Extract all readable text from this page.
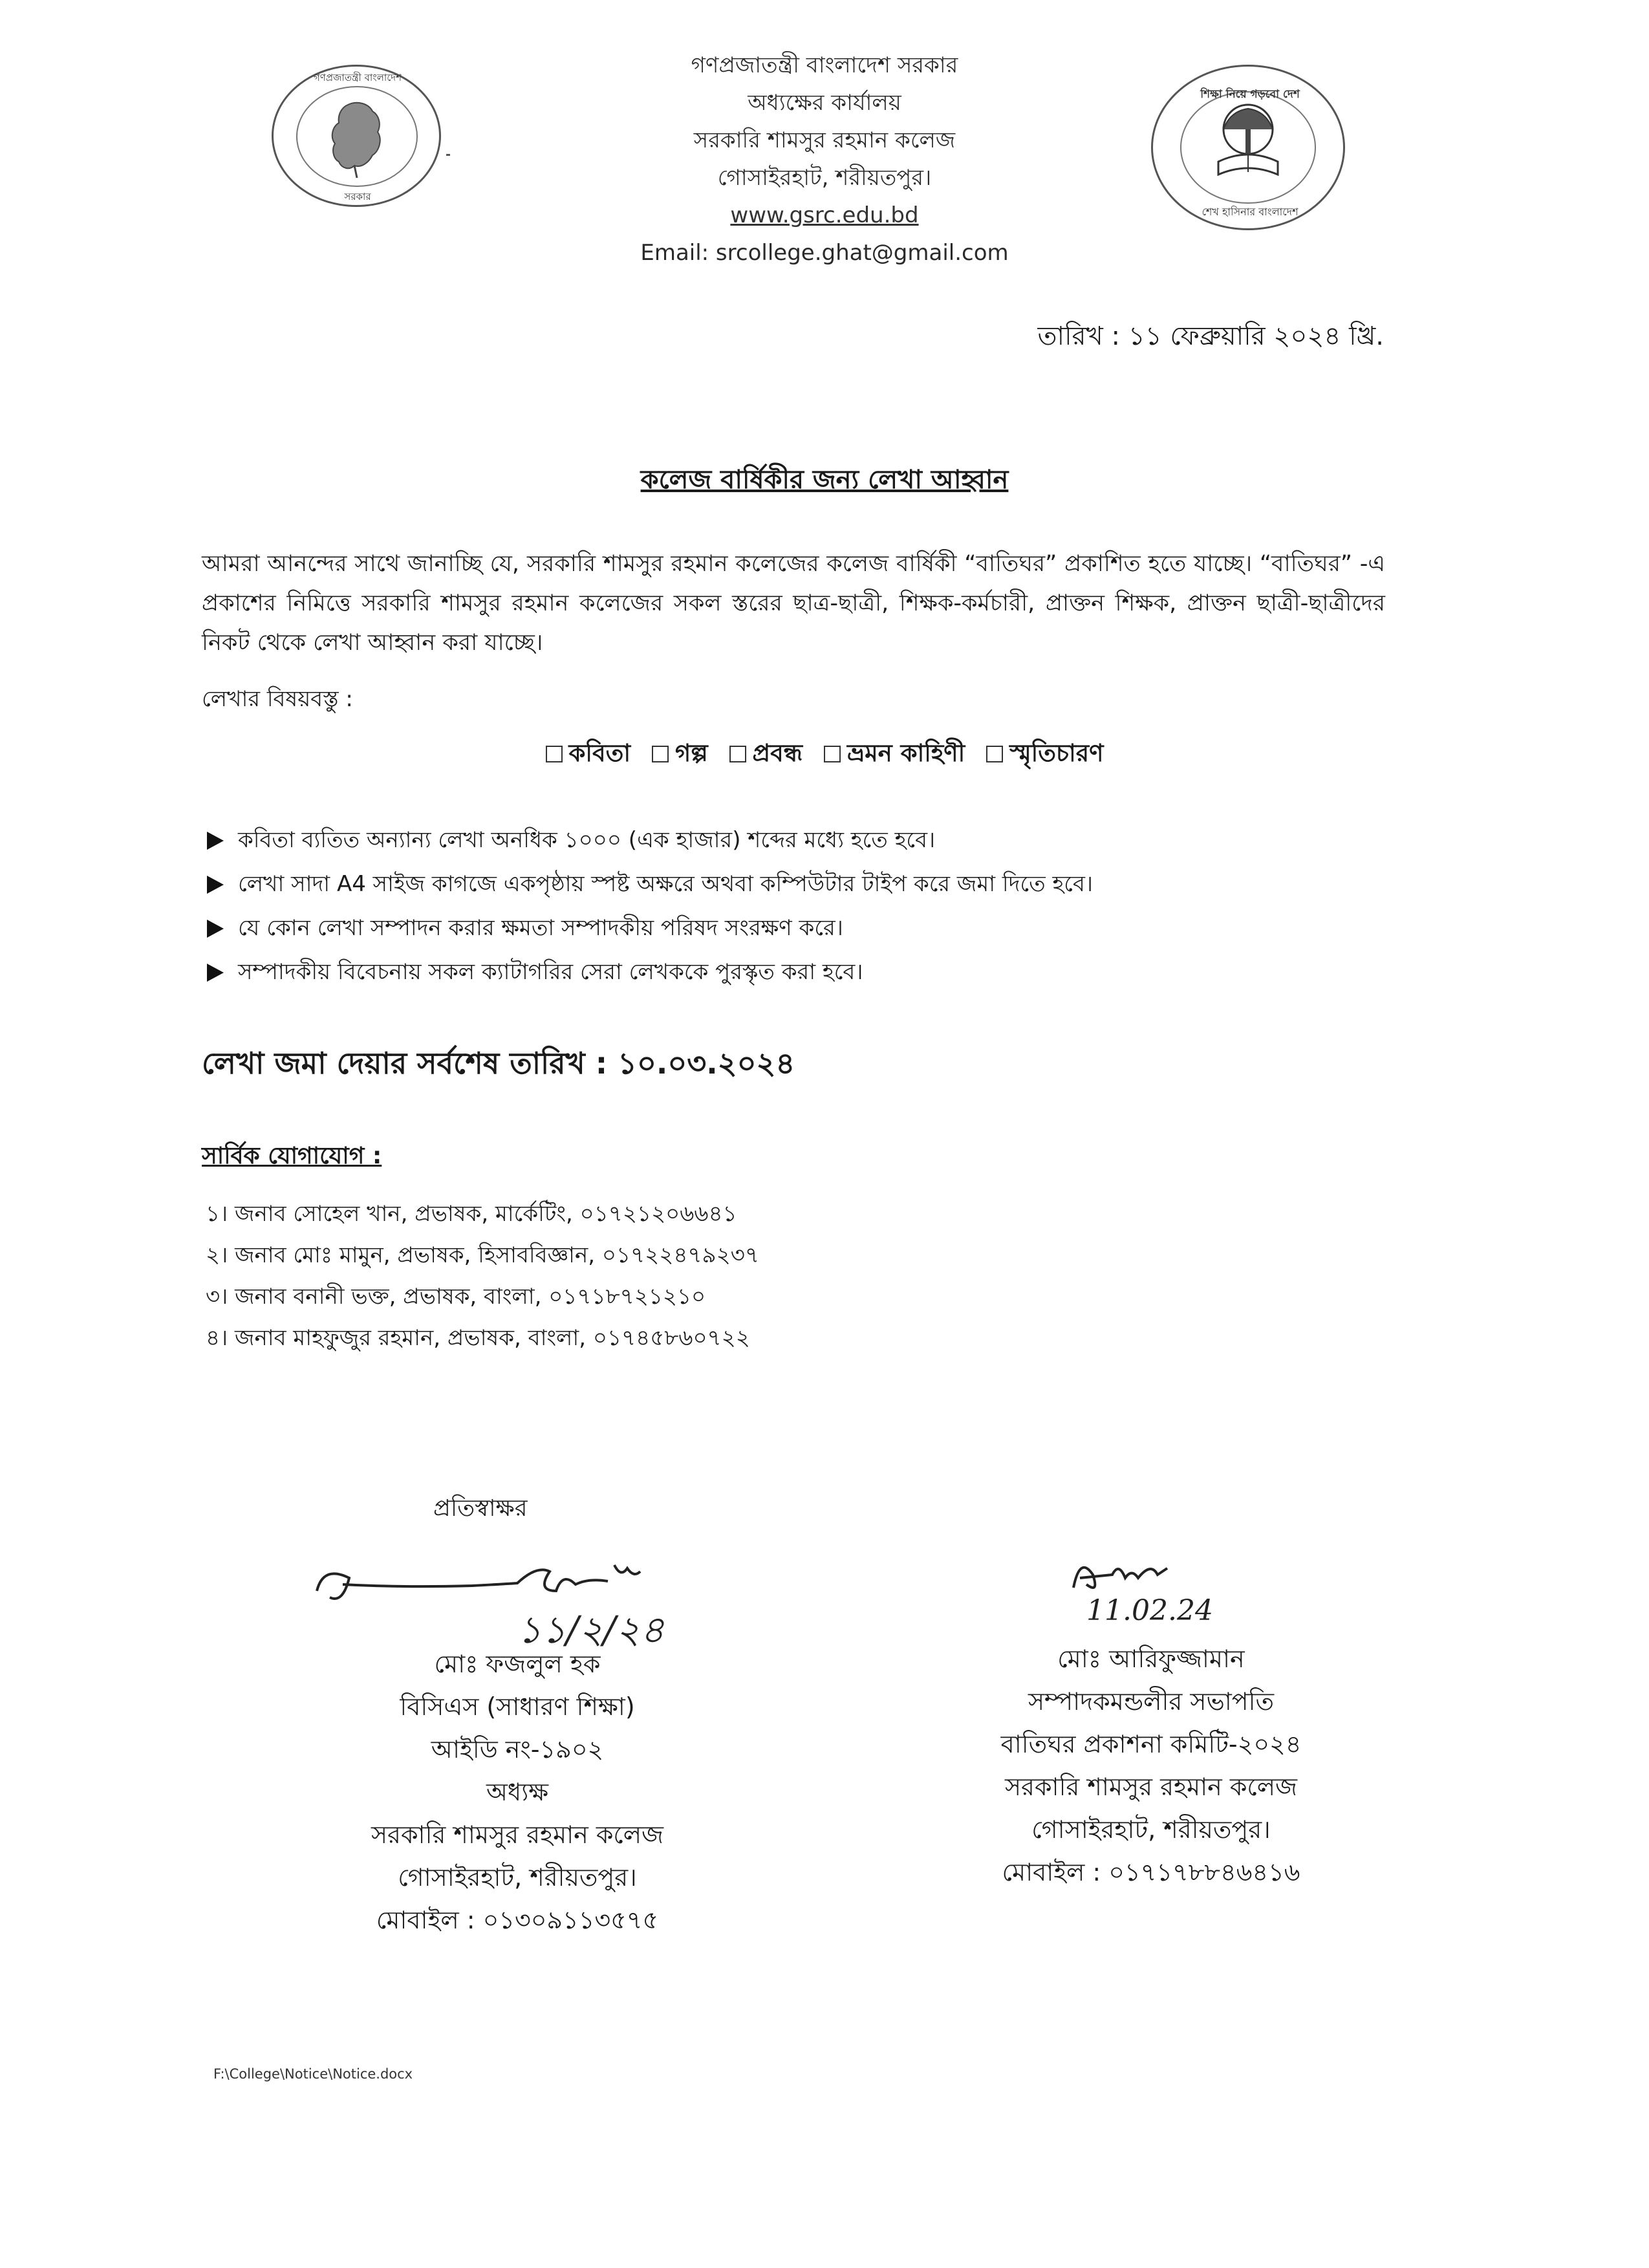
গণপ্রজাতন্ত্রী বাংলাদেশ
সরকার
গণপ্রজাতন্ত্রী বাংলাদেশ সরকার
অধ্যক্ষের কার্যালয়
সরকারি শামসুর রহমান কলেজ
গোসাইরহাট, শরীয়তপুর।
www.gsrc.edu.bd
Email: srcollege.ghat@gmail.com
শিক্ষা নিয়ে গড়বো দেশ
শেখ হাসিনার বাংলাদেশ
তারিখ : ১১ ফেব্রুয়ারি ২০২৪ খ্রি.
কলেজ বার্ষিকীর জন্য লেখা আহ্বান
আমরা আনন্দের সাথে জানাচ্ছি যে, সরকারি শামসুর রহমান কলেজের কলেজ বার্ষিকী “বাতিঘর” প্রকাশিত হতে যাচ্ছে। “বাতিঘর” -এ প্রকাশের নিমিত্তে সরকারি শামসুর রহমান কলেজের সকল স্তরের ছাত্র-ছাত্রী, শিক্ষক-কর্মচারী, প্রাক্তন শিক্ষক, প্রাক্তন ছাত্রী-ছাত্রীদের নিকট থেকে লেখা আহ্বান করা যাচ্ছে।
লেখার বিষয়বস্তু :
কবিতা গল্প প্রবন্ধ ভ্রমন কাহিণী স্মৃতিচারণ
কবিতা ব্যতিত অন্যান্য লেখা অনধিক ১০০০ (এক হাজার) শব্দের মধ্যে হতে হবে।
লেখা সাদা A4 সাইজ কাগজে একপৃষ্ঠায় স্পষ্ট অক্ষরে অথবা কম্পিউটার টাইপ করে জমা দিতে হবে।
যে কোন লেখা সম্পাদন করার ক্ষমতা সম্পাদকীয় পরিষদ সংরক্ষণ করে।
সম্পাদকীয় বিবেচনায় সকল ক্যাটাগরির সেরা লেখককে পুরস্কৃত করা হবে।
লেখা জমা দেয়ার সর্বশেষ তারিখ : ১০.০৩.২০২৪
সার্বিক যোগাযোগ :
১। জনাব সোহেল খান, প্রভাষক, মার্কেটিং, ০১৭২১২০৬৬৪১
২। জনাব মোঃ মামুন, প্রভাষক, হিসাববিজ্ঞান, ০১৭২২৪৭৯২৩৭
৩। জনাব বনানী ভক্ত, প্রভাষক, বাংলা, ০১৭১৮৭২১২১০
৪। জনাব মাহফুজুর রহমান, প্রভাষক, বাংলা, ০১৭৪৫৮৬০৭২২
প্রতিস্বাক্ষর
১১/২/২৪
মোঃ ফজলুল হক
বিসিএস (সাধারণ শিক্ষা)
আইডি নং-১৯০২
অধ্যক্ষ
সরকারি শামসুর রহমান কলেজ
গোসাইরহাট, শরীয়তপুর।
মোবাইল : ০১৩০৯১১৩৫৭৫
11.02.24
মোঃ আরিফুজ্জামান
সম্পাদকমন্ডলীর সভাপতি
বাতিঘর প্রকাশনা কমিটি-২০২৪
সরকারি শামসুর রহমান কলেজ
গোসাইরহাট, শরীয়তপুর।
মোবাইল : ০১৭১৭৮৮৪৬৪১৬
F:\College\Notice\Notice.docx
